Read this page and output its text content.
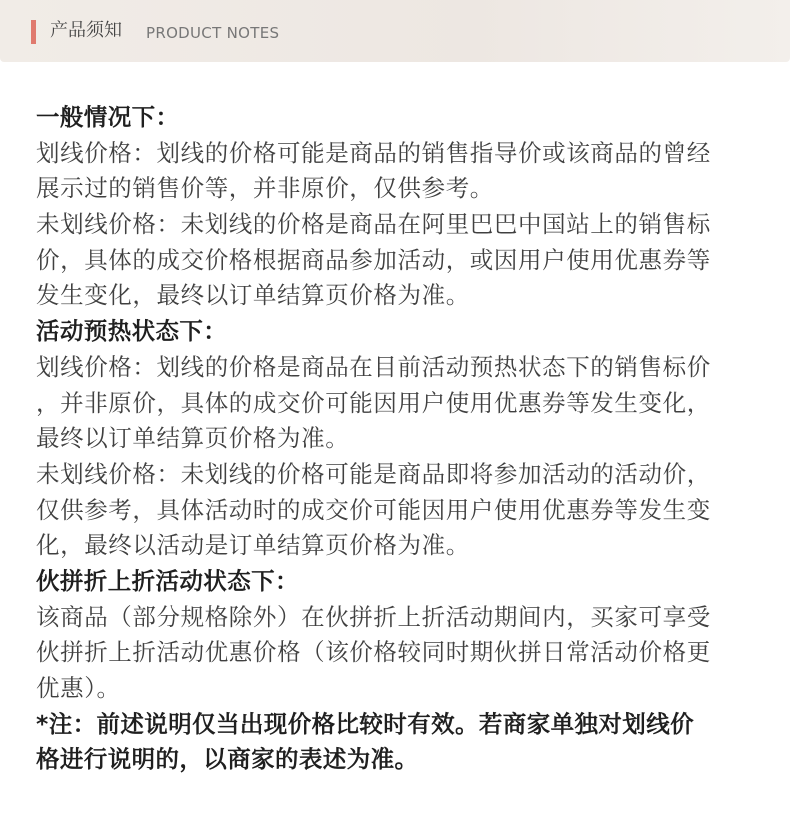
产品须知 PRODUCT NOTES
一般情况下：
划线价格：划线的价格可能是商品的销售指导价或该商品的曾经
展示过的销售价等，并非原价，仅供参考。
未划线价格：未划线的价格是商品在阿里巴巴中国站上的销售标
价，具体的成交价格根据商品参加活动，或因用户使用优惠券等
发生变化，最终以订单结算页价格为准。
活动预热状态下：
划线价格：划线的价格是商品在目前活动预热状态下的销售标价
，并非原价，具体的成交价可能因用户使用优惠券等发生变化，
最终以订单结算页价格为准。
未划线价格：未划线的价格可能是商品即将参加活动的活动价，
仅供参考，具体活动时的成交价可能因用户使用优惠券等发生变
化，最终以活动是订单结算页价格为准。
伙拼折上折活动状态下：
该商品（部分规格除外）在伙拼折上折活动期间内，买家可享受
伙拼折上折活动优惠价格（该价格较同时期伙拼日常活动价格更
优惠）。
*注：前述说明仅当出现价格比较时有效。若商家单独对划线价
格进行说明的，以商家的表述为准。
